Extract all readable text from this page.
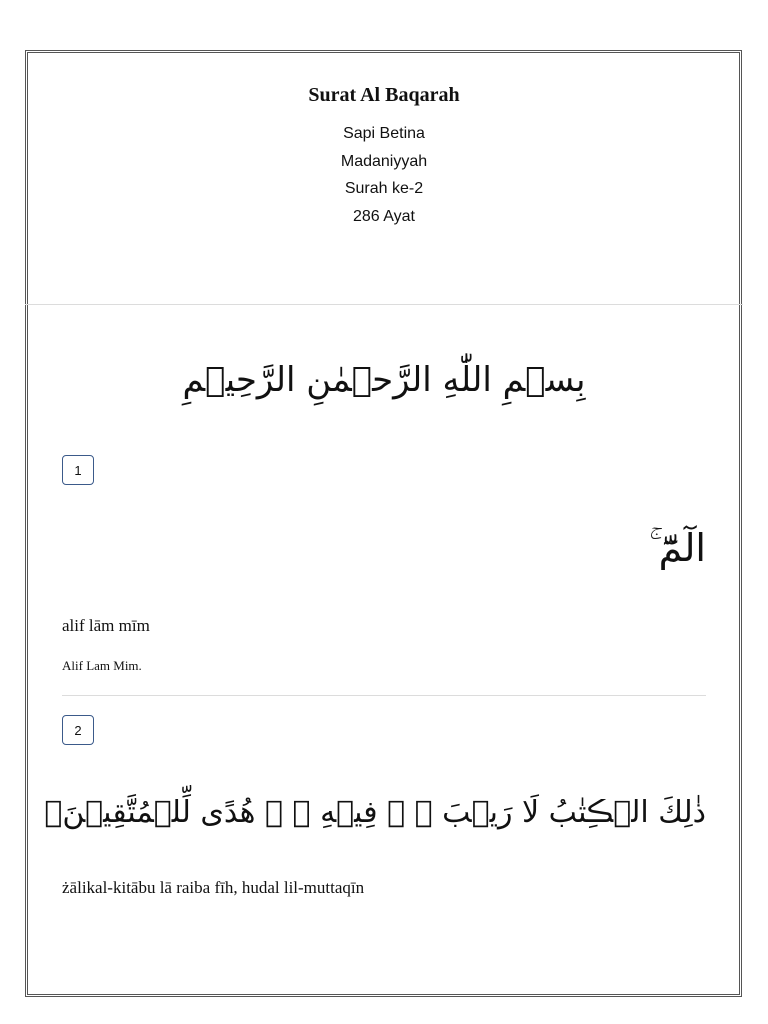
Surat Al Baqarah
Sapi Betina
Madaniyyah
Surah ke-2
286 Ayat
بِسۡمِ اللّٰهِ الرَّحۡمٰنِ الرَّحِيۡمِ
1
الٓمّٓ ۚ
alif lām mīm
Alif Lam Mim.
2
ذٰلِكَ الۡڪِتٰبُ لَا رَيۡبَ ۛ ۚ فِيۡهِ ۛ ۚ هُدًى لِّلۡمُتَّقِيۡنَۙ
żālikal-kitābu lā raiba fīh, hudal lil-muttaqīn
